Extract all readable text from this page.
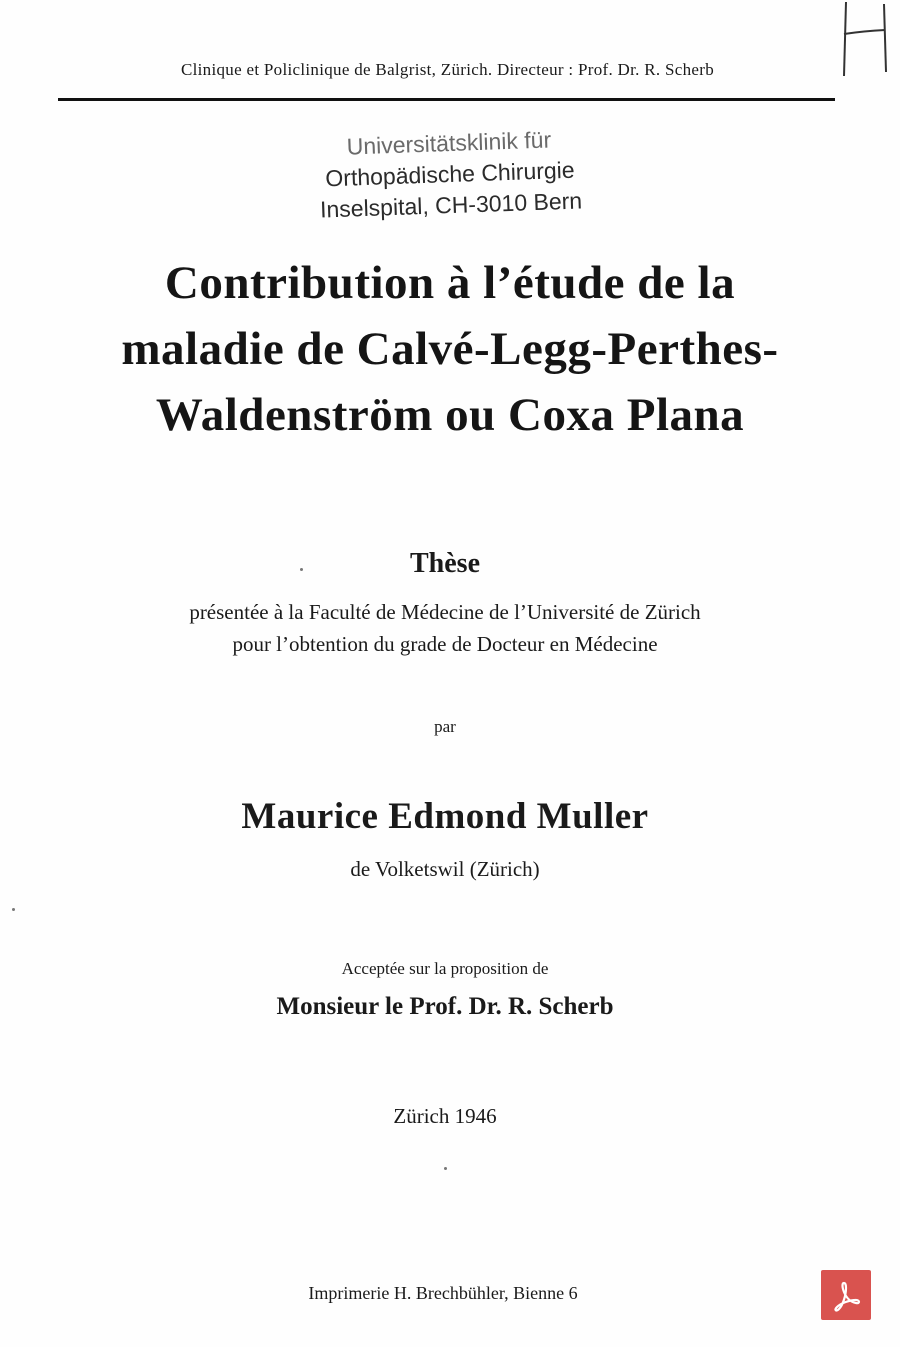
Clinique et Policlinique de Balgrist, Zürich. Directeur : Prof. Dr. R. Scherb
Universitätsklinik für
Orthopädische Chirurgie
Inselspital, CH-3010 Bern
Contribution à l’étude de la
maladie de Calvé-Legg-Perthes-
Waldenström ou Coxa Plana
Thèse
présentée à la Faculté de Médecine de l’Université de Zürich
pour l’obtention du grade de Docteur en Médecine
par
Maurice Edmond Muller
de Volketswil (Zürich)
Acceptée sur la proposition de
Monsieur le Prof. Dr. R. Scherb
Zürich 1946
Imprimerie H. Brechbühler, Bienne 6
